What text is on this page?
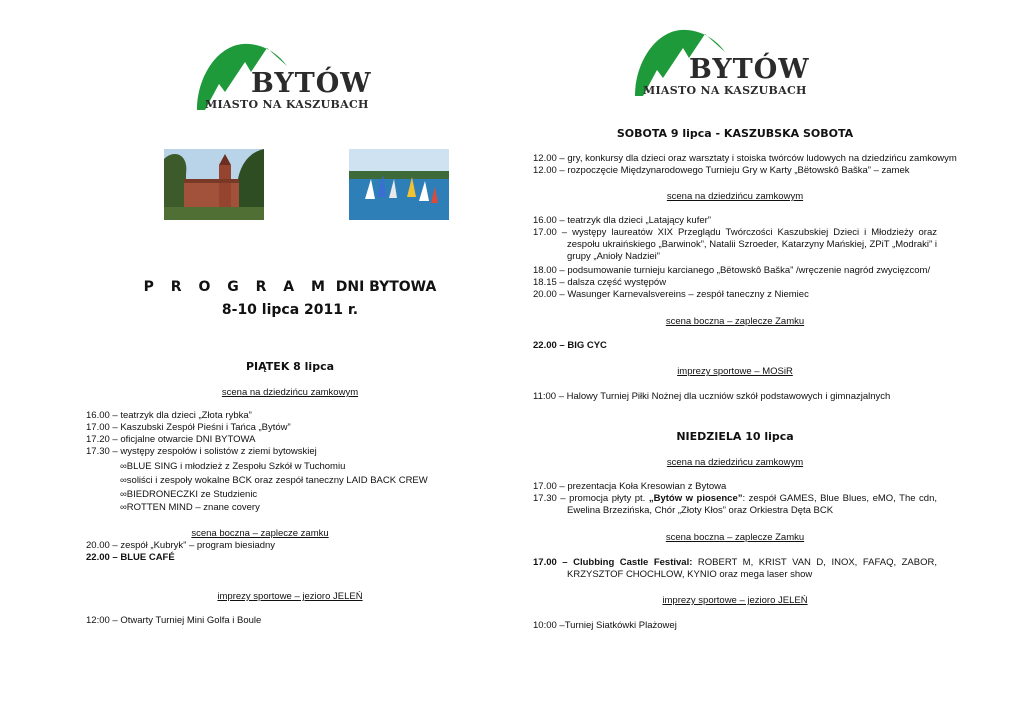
BYTÓW
MIASTO NA KASZUBACH
BYTÓW
MIASTO NA KASZUBACH
P R O G R A M DNI BYTOWA
8-10 lipca 2011 r.
PIĄTEK 8 lipca
scena na dziedzińcu zamkowym
16.00 – teatrzyk dla dzieci „Złota rybka”
17.00 – Kaszubski Zespół Pieśni i Tańca „Bytów”
17.20 – oficjalne otwarcie DNI BYTOWA
17.30 – występy zespołów i solistów z ziemi bytowskiej
∞BLUE SING i młodzież z Zespołu Szkół w Tuchomiu
∞soliści i zespoły wokalne BCK oraz zespół taneczny LAID BACK CREW
∞BIEDRONECZKI ze Studzienic
∞ROTTEN MIND – znane covery
scena boczna – zaplecze zamku
20.00 – zespół „Kubryk” – program biesiadny
22.00 – BLUE CAFÉ
imprezy sportowe – jezioro JELEŃ
12:00 – Otwarty Turniej Mini Golfa i Boule
SOBOTA 9 lipca - KASZUBSKA SOBOTA
12.00 – gry, konkursy dla dzieci oraz warsztaty i stoiska twórców ludowych na dziedzińcu zamkowym
12.00 – rozpoczęcie Międzynarodowego Turnieju Gry w Karty „Bëtowskô Baška” – zamek
scena na dziedzińcu zamkowym
16.00 – teatrzyk dla dzieci „Latający kufer”
17.00 – występy laureatów XIX Przeglądu Twórczości Kaszubskiej Dzieci i Młodzieży oraz zespołu ukraińskiego „Barwinok”, Natalii Szroeder, Katarzyny Mańskiej, ZPiT „Modraki” i grupy „Anioły Nadziei”
18.00 – podsumowanie turnieju karcianego „Bëtowskô Baška” /wręczenie nagród zwycięzcom/
18.15 – dalsza część występów
20.00 – Wasunger Karnevalsvereins – zespół taneczny z Niemiec
scena boczna – zaplecze Zamku
22.00 – BIG CYC
imprezy sportowe – MOSiR
11:00 – Halowy Turniej Piłki Nożnej dla uczniów szkół podstawowych i gimnazjalnych
NIEDZIELA 10 lipca
scena na dziedzińcu zamkowym
17.00 – prezentacja Koła Kresowian z Bytowa
17.30 – promocja płyty pt. „Bytów w piosence”: zespół GAMES, Blue Blues, eMO, The cdn, Ewelina Brzezińska, Chór „Złoty Kłos” oraz Orkiestra Dęta BCK
scena boczna – zaplecze Zamku
17.00 – Clubbing Castle Festival: ROBERT M, KRIST VAN D, INOX, FAFAQ, ZABOR, KRZYSZTOF CHOCHLOW, KYNIO oraz mega laser show
imprezy sportowe – jezioro JELEŃ
10:00 –Turniej Siatkówki Plażowej
